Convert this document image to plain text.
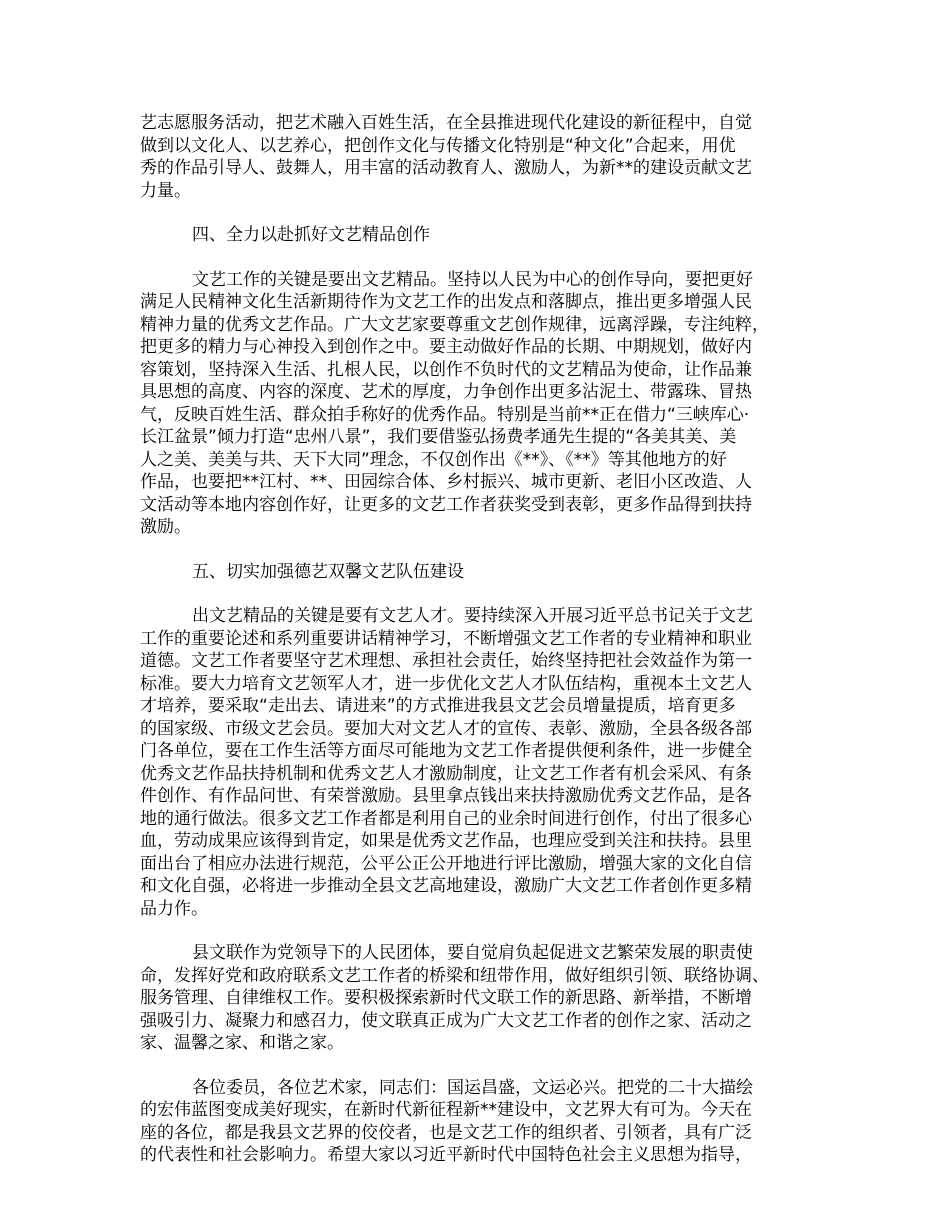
艺志愿服务活动，把艺术融入百姓生活，在全县推进现代化建设的新征程中，自觉
做到以文化人、以艺养心，把创作文化与传播文化特别是“种文化”合起来，用优
秀的作品引导人、鼓舞人，用丰富的活动教育人、激励人，为新**的建设贡献文艺
力量。
四、全力以赴抓好文艺精品创作
文艺工作的关键是要出文艺精品。坚持以人民为中心的创作导向，要把更好
满足人民精神文化生活新期待作为文艺工作的出发点和落脚点，推出更多增强人民
精神力量的优秀文艺作品。广大文艺家要尊重文艺创作规律，远离浮躁，专注纯粹，
把更多的精力与心神投入到创作之中。要主动做好作品的长期、中期规划，做好内
容策划，坚持深入生活、扎根人民，以创作不负时代的文艺精品为使命，让作品兼
具思想的高度、内容的深度、艺术的厚度，力争创作出更多沾泥土、带露珠、冒热
气，反映百姓生活、群众拍手称好的优秀作品。特别是当前**正在借力“三峡库心·
长江盆景”倾力打造“忠州八景”，我们要借鉴弘扬费孝通先生提的“各美其美、美
人之美、美美与共、天下大同”理念，不仅创作出《**》、《**》等其他地方的好
作品，也要把**江村、**、田园综合体、乡村振兴、城市更新、老旧小区改造、人
文活动等本地内容创作好，让更多的文艺工作者获奖受到表彰，更多作品得到扶持
激励。
五、切实加强德艺双馨文艺队伍建设
出文艺精品的关键是要有文艺人才。要持续深入开展习近平总书记关于文艺
工作的重要论述和系列重要讲话精神学习，不断增强文艺工作者的专业精神和职业
道德。文艺工作者要坚守艺术理想、承担社会责任，始终坚持把社会效益作为第一
标准。要大力培育文艺领军人才，进一步优化文艺人才队伍结构，重视本土文艺人
才培养，要采取“走出去、请进来”的方式推进我县文艺会员增量提质，培育更多
的国家级、市级文艺会员。要加大对文艺人才的宣传、表彰、激励，全县各级各部
门各单位，要在工作生活等方面尽可能地为文艺工作者提供便利条件，进一步健全
优秀文艺作品扶持机制和优秀文艺人才激励制度，让文艺工作者有机会采风、有条
件创作、有作品问世、有荣誉激励。县里拿点钱出来扶持激励优秀文艺作品，是各
地的通行做法。很多文艺工作者都是利用自己的业余时间进行创作，付出了很多心
血，劳动成果应该得到肯定，如果是优秀文艺作品，也理应受到关注和扶持。县里
面出台了相应办法进行规范，公平公正公开地进行评比激励，增强大家的文化自信
和文化自强，必将进一步推动全县文艺高地建设，激励广大文艺工作者创作更多精
品力作。
县文联作为党领导下的人民团体，要自觉肩负起促进文艺繁荣发展的职责使
命，发挥好党和政府联系文艺工作者的桥梁和纽带作用，做好组织引领、联络协调、
服务管理、自律维权工作。要积极探索新时代文联工作的新思路、新举措，不断增
强吸引力、凝聚力和感召力，使文联真正成为广大文艺工作者的创作之家、活动之
家、温馨之家、和谐之家。
各位委员，各位艺术家，同志们：国运昌盛，文运必兴。把党的二十大描绘
的宏伟蓝图变成美好现实，在新时代新征程新**建设中，文艺界大有可为。今天在
座的各位，都是我县文艺界的佼佼者，也是文艺工作的组织者、引领者，具有广泛
的代表性和社会影响力。希望大家以习近平新时代中国特色社会主义思想为指导，
